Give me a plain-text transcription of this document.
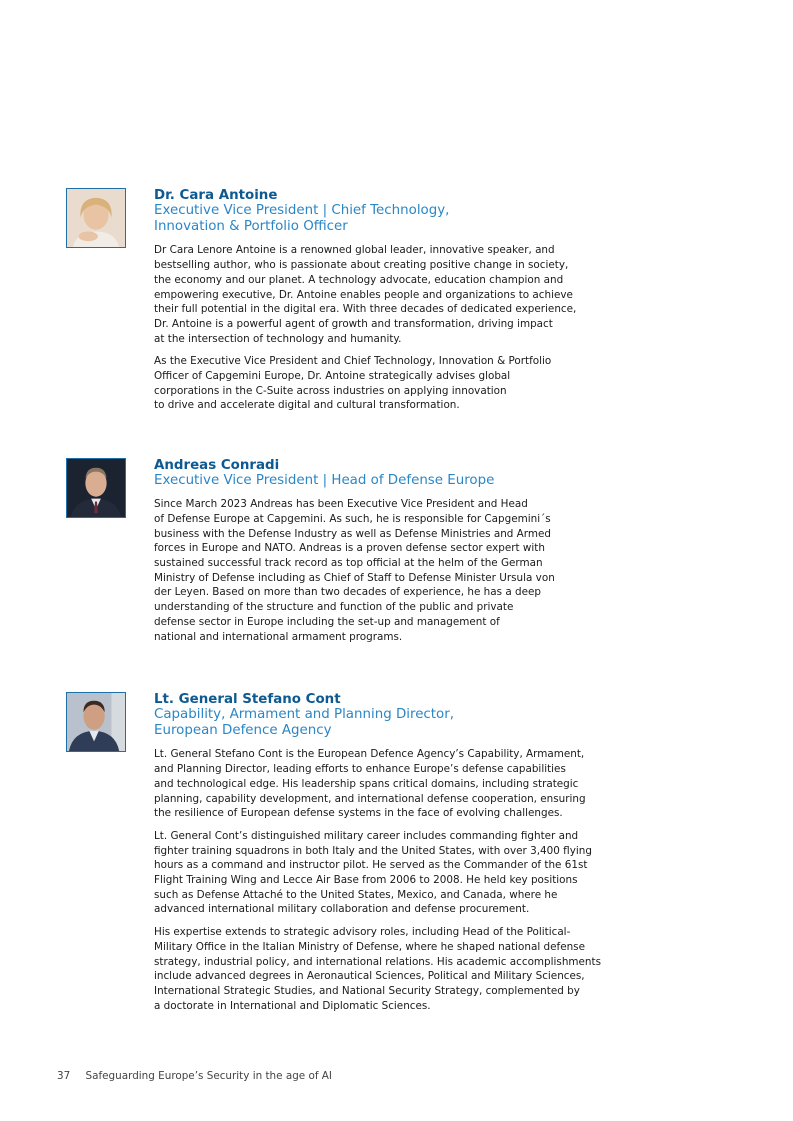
Dr. Cara Antoine

Executive Vice President | Chief Technology,

Innovation & Portfolio Officer

Dr Cara Lenore Antoine is a renowned global leader, innovative speaker, and
bestselling author, who is passionate about creating positive change in society,
the economy and our planet. A technology advocate, education champion and
empowering executive, Dr. Antoine enables people and organizations to achieve
their full potential in the digital era. With three decades of dedicated experience,
Dr. Antoine is a powerful agent of growth and transformation, driving impact
at the intersection of technology and humanity.

As the Executive Vice President and Chief Technology, Innovation & Portfolio
Officer of Capgemini Europe, Dr. Antoine strategically advises global
corporations in the C-Suite across industries on applying innovation
to drive and accelerate digital and cultural transformation.

Andreas Conradi

Executive Vice President | Head of Defense Europe

Since March 2023 Andreas has been Executive Vice President and Head
of Defense Europe at Capgemini. As such, he is responsible for Capgemini´s
business with the Defense Industry as well as Defense Ministries and Armed
forces in Europe and NATO. Andreas is a proven defense sector expert with
sustained successful track record as top official at the helm of the German
Ministry of Defense including as Chief of Staff to Defense Minister Ursula von
der Leyen. Based on more than two decades of experience, he has a deep
understanding of the structure and function of the public and private
defense sector in Europe including the set-up and management of
national and international armament programs.

Lt. General Stefano Cont

Capability, Armament and Planning Director,

European Defence Agency

Lt. General Stefano Cont is the European Defence Agency’s Capability, Armament,
and Planning Director, leading efforts to enhance Europe’s defense capabilities
and technological edge. His leadership spans critical domains, including strategic
planning, capability development, and international defense cooperation, ensuring
the resilience of European defense systems in the face of evolving challenges.

Lt. General Cont’s distinguished military career includes commanding fighter and
fighter training squadrons in both Italy and the United States, with over 3,400 flying
hours as a command and instructor pilot. He served as the Commander of the 61st
Flight Training Wing and Lecce Air Base from 2006 to 2008. He held key positions
such as Defense Attaché to the United States, Mexico, and Canada, where he
advanced international military collaboration and defense procurement.

His expertise extends to strategic advisory roles, including Head of the Political-
Military Office in the Italian Ministry of Defense, where he shaped national defense
strategy, industrial policy, and international relations. His academic accomplishments
include advanced degrees in Aeronautical Sciences, Political and Military Sciences,
International Strategic Studies, and National Security Strategy, complemented by
a doctorate in International and Diplomatic Sciences.

37 Safeguarding Europe’s Security in the age of AI
